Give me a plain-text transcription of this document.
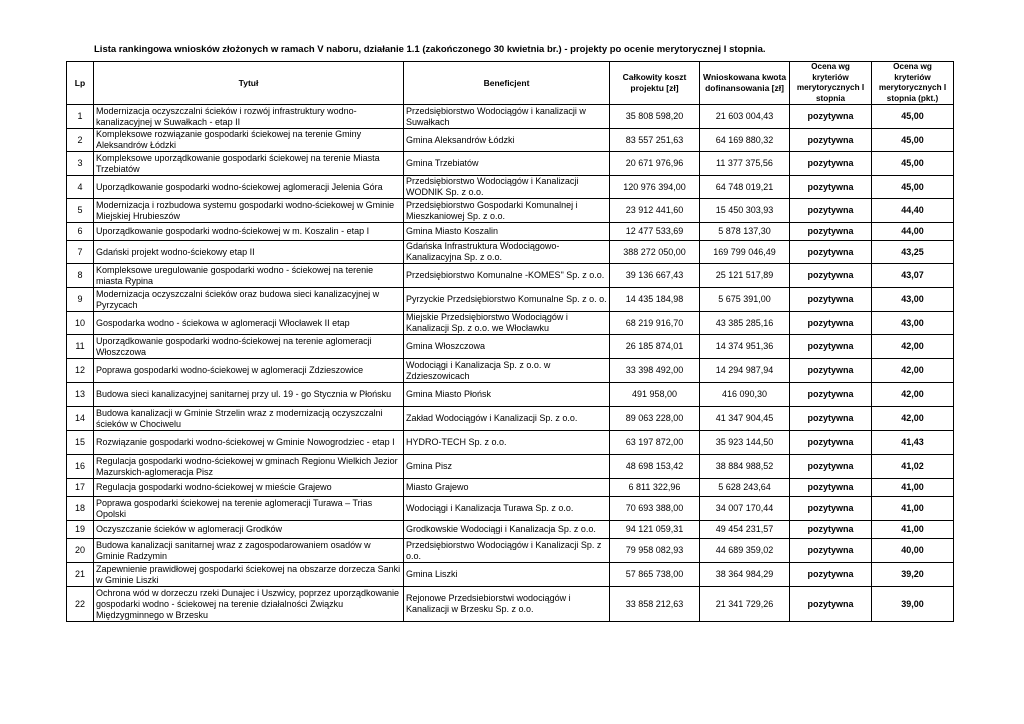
Lista rankingowa wniosków złożonych w ramach V naboru, działanie 1.1 (zakończonego 30 kwietnia br.) - projekty po ocenie merytorycznej I stopnia.
Lp	Tytuł	Beneficjent	Całkowity koszt projektu [zł]	Wnioskowana kwota dofinansowania [zł]	Ocena wg kryteriów merytorycznych I stopnia	Ocena wg kryteriów merytorycznych I stopnia (pkt.)
1	Modernizacja oczyszczalni ścieków i rozwój infrastruktury wodno-kanalizacyjnej w Suwałkach - etap II	Przedsiębiorstwo Wodociągów i kanalizacji w Suwałkach	35 808 598,20	21 603 004,43	pozytywna	45,00
2	Kompleksowe rozwiązanie gospodarki ściekowej na terenie Gminy Aleksandrów Łódzki	Gmina Aleksandrów Łódzki	83 557 251,63	64 169 880,32	pozytywna	45,00
3	Kompleksowe uporządkowanie gospodarki ściekowej na terenie Miasta Trzebiatów	Gmina Trzebiatów	20 671 976,96	11 377 375,56	pozytywna	45,00
4	Uporządkowanie gospodarki wodno-ściekowej aglomeracji Jelenia Góra	Przedsiębiorstwo Wodociągów i Kanalizacji WODNIK Sp. z o.o.	120 976 394,00	64 748 019,21	pozytywna	45,00
5	Modernizacja i rozbudowa systemu gospodarki wodno-ściekowej w Gminie Miejskiej Hrubieszów	Przedsiębiorstwo Gospodarki Komunalnej i Mieszkaniowej Sp. z o.o.	23 912 441,60	15 450 303,93	pozytywna	44,40
6	Uporządkowanie gospodarki wodno-ściekowej w m. Koszalin - etap I	Gmina Miasto Koszalin	12 477 533,69	5 878 137,30	pozytywna	44,00
7	Gdański projekt wodno-ściekowy etap II	Gdańska Infrastruktura Wodociągowo-Kanalizacyjna Sp. z o.o.	388 272 050,00	169 799 046,49	pozytywna	43,25
8	Kompleksowe uregulowanie gospodarki wodno - ściekowej na terenie miasta Rypina	Przedsiębiorstwo Komunalne -KOMES" Sp. z o.o.	39 136 667,43	25 121 517,89	pozytywna	43,07
9	Modernizacja oczyszczalni ścieków oraz budowa sieci kanalizacyjnej w Pyrzycach	Pyrzyckie Przedsiębiorstwo Komunalne Sp. z o. o.	14 435 184,98	5 675 391,00	pozytywna	43,00
10	Gospodarka wodno - ściekowa w aglomeracji Włocławek II etap	Miejskie Przedsiębiorstwo Wodociągów i Kanalizacji Sp. z o.o. we Włocławku	68 219 916,70	43 385 285,16	pozytywna	43,00
11	Uporządkowanie gospodarki wodno-ściekowej na terenie aglomeracji Włoszczowa	Gmina Włoszczowa	26 185 874,01	14 374 951,36	pozytywna	42,00
12	Poprawa gospodarki wodno-ściekowej w aglomeracji Zdzieszowice	Wodociągi i Kanalizacja Sp. z o.o. w Zdzieszowicach	33 398 492,00	14 294 987,94	pozytywna	42,00
13	Budowa sieci kanalizacyjnej sanitarnej przy ul. 19 - go Stycznia w Płońsku	Gmina Miasto Płońsk	491 958,00	416 090,30	pozytywna	42,00
14	Budowa kanalizacji w Gminie Strzelin wraz z modernizacją oczyszczalni ścieków w Chociwelu	Zakład Wodociągów i Kanalizacji Sp. z o.o.	89 063 228,00	41 347 904,45	pozytywna	42,00
15	Rozwiązanie gospodarki wodno-ściekowej w Gminie Nowogrodziec - etap I	HYDRO-TECH Sp. z o.o.	63 197 872,00	35 923 144,50	pozytywna	41,43
16	Regulacja gospodarki wodno-ściekowej w gminach Regionu Wielkich Jezior Mazurskich-aglomeracja Pisz	Gmina Pisz	48 698 153,42	38 884 988,52	pozytywna	41,02
17	Regulacja gospodarki wodno-ściekowej w mieście Grajewo	Miasto Grajewo	6 811 322,96	5 628 243,64	pozytywna	41,00
18	Poprawa gospodarki ściekowej na terenie aglomeracji Turawa – Trias Opolski	Wodociągi i Kanalizacja Turawa Sp. z o.o.	70 693 388,00	34 007 170,44	pozytywna	41,00
19	Oczyszczanie ścieków w aglomeracji Grodków	Grodkowskie Wodociągi i Kanalizacja Sp. z o.o.	94 121 059,31	49 454 231,57	pozytywna	41,00
20	Budowa kanalizacji sanitarnej wraz z zagospodarowaniem osadów w Gminie Radzymin	Przedsiębiorstwo Wodociągów i Kanalizacji Sp. z o.o.	79 958 082,93	44 689 359,02	pozytywna	40,00
21	Zapewnienie prawidłowej gospodarki ściekowej na obszarze dorzecza Sanki w Gminie Liszki	Gmina Liszki	57 865 738,00	38 364 984,29	pozytywna	39,20
22	Ochrona wód w dorzeczu rzeki Dunajec i Uszwicy, poprzez uporządkowanie gospodarki wodno - ściekowej na terenie działalności Związku Międzygminnego w Brzesku	Rejonowe Przedsiebiorstwi wodociągów i Kanalizacji w Brzesku Sp. z o.o.	33 858 212,63	21 341 729,26	pozytywna	39,00
